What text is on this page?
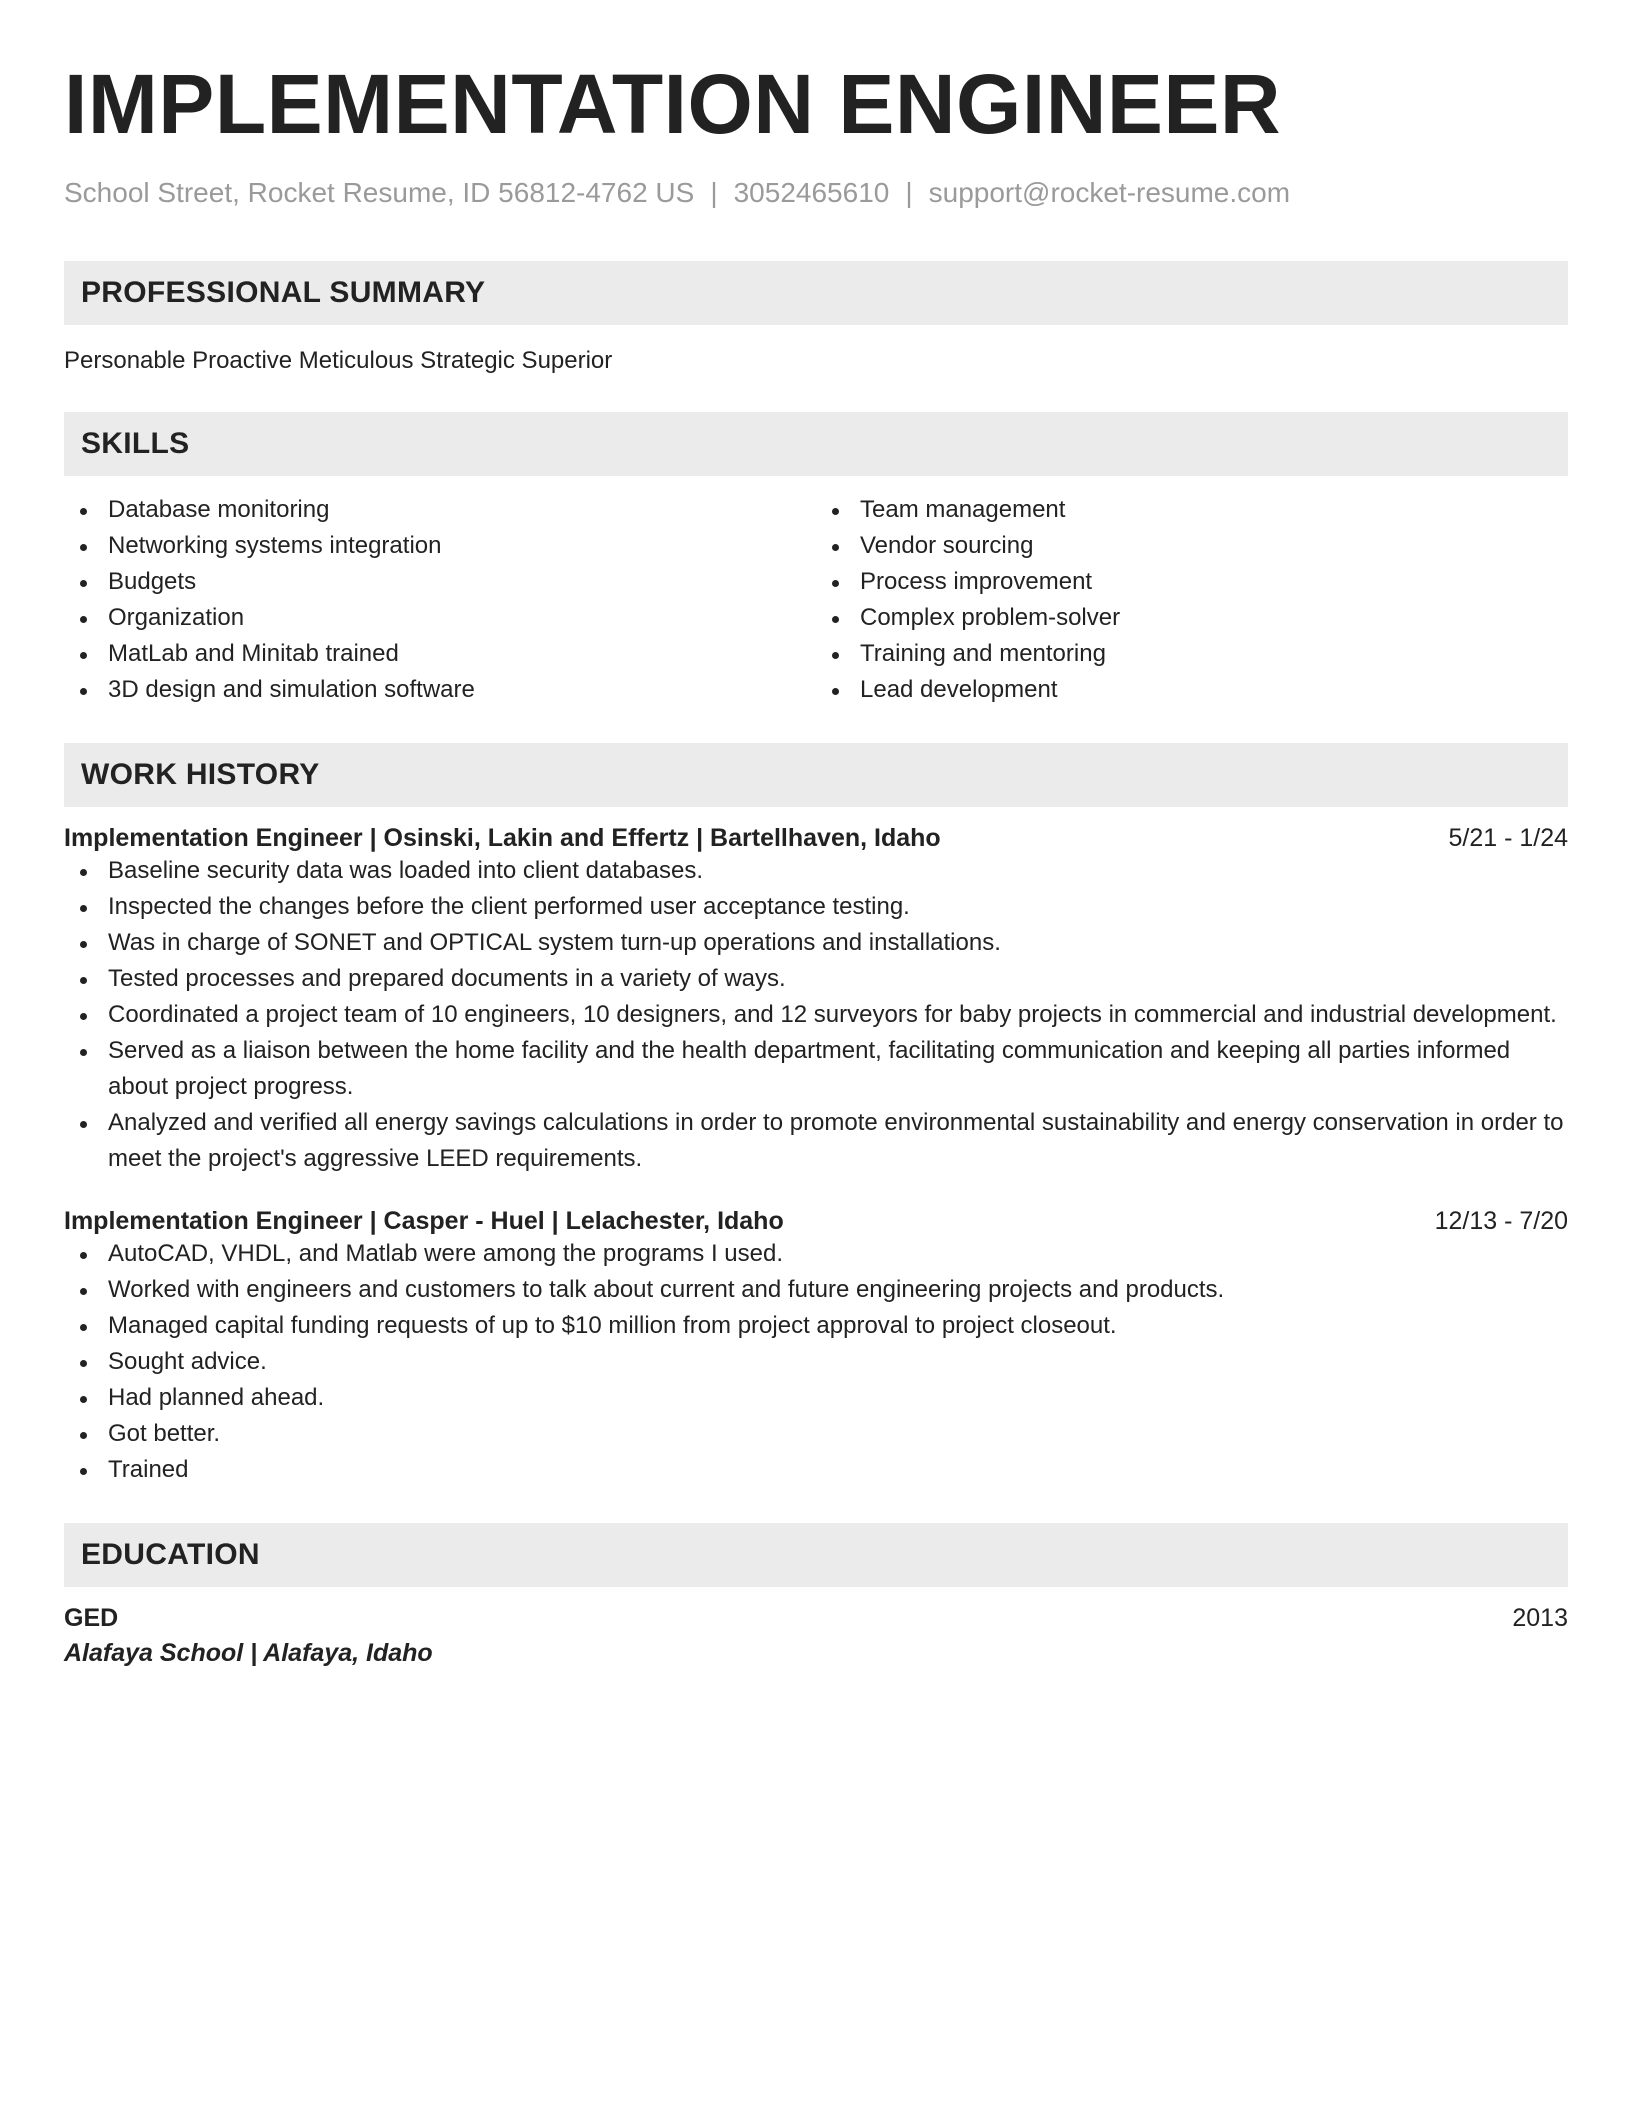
IMPLEMENTATION ENGINEER
School Street, Rocket Resume, ID 56812-4762 US | 3052465610 | support@rocket-resume.com
PROFESSIONAL SUMMARY
Personable Proactive Meticulous Strategic Superior
SKILLS
Database monitoring
Networking systems integration
Budgets
Organization
MatLab and Minitab trained
3D design and simulation software
Team management
Vendor sourcing
Process improvement
Complex problem-solver
Training and mentoring
Lead development
WORK HISTORY
Implementation Engineer | Osinski, Lakin and Effertz | Bartellhaven, Idaho	5/21 - 1/24
Baseline security data was loaded into client databases.
Inspected the changes before the client performed user acceptance testing.
Was in charge of SONET and OPTICAL system turn-up operations and installations.
Tested processes and prepared documents in a variety of ways.
Coordinated a project team of 10 engineers, 10 designers, and 12 surveyors for baby projects in commercial and industrial development.
Served as a liaison between the home facility and the health department, facilitating communication and keeping all parties informed about project progress.
Analyzed and verified all energy savings calculations in order to promote environmental sustainability and energy conservation in order to meet the project's aggressive LEED requirements.
Implementation Engineer | Casper - Huel | Lelachester, Idaho	12/13 - 7/20
AutoCAD, VHDL, and Matlab were among the programs I used.
Worked with engineers and customers to talk about current and future engineering projects and products.
Managed capital funding requests of up to $10 million from project approval to project closeout.
Sought advice.
Had planned ahead.
Got better.
Trained
EDUCATION
GED	2013
Alafaya School | Alafaya, Idaho
